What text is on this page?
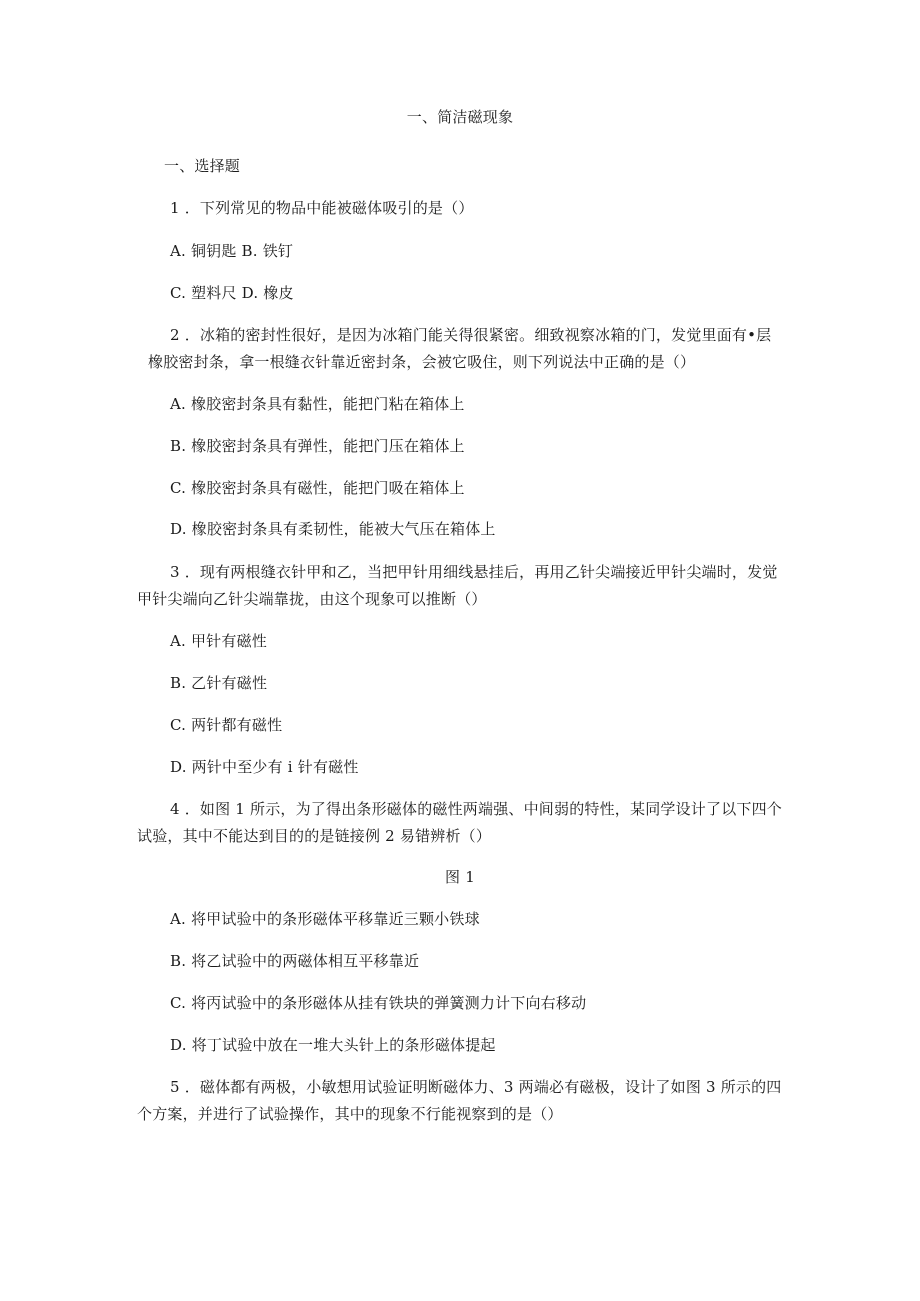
一、简洁磁现象
一、选择题
1 ．下列常见的物品中能被磁体吸引的是（）
A. 铜钥匙 B. 铁钉
C. 塑料尺 D. 橡皮
2 ．冰箱的密封性很好，是因为冰箱门能关得很紧密。细致视察冰箱的门，发觉里面有•层
橡胶密封条，拿一根缝衣针靠近密封条，会被它吸住，则下列说法中正确的是（）
A. 橡胶密封条具有黏性，能把门粘在箱体上
B. 橡胶密封条具有弹性，能把门压在箱体上
C. 橡胶密封条具有磁性，能把门吸在箱体上
D. 橡胶密封条具有柔韧性，能被大气压在箱体上
3 ．现有两根缝衣针甲和乙，当把甲针用细线悬挂后，再用乙针尖端接近甲针尖端时，发觉
甲针尖端向乙针尖端靠拢，由这个现象可以推断（）
A. 甲针有磁性
B. 乙针有磁性
C. 两针都有磁性
D. 两针中至少有 i 针有磁性
4 ．如图 1 所示，为了得出条形磁体的磁性两端强、中间弱的特性，某同学设计了以下四个
试验，其中不能达到目的的是链接例 2 易错辨析（）
图 1
A. 将甲试验中的条形磁体平移靠近三颗小铁球
B. 将乙试验中的两磁体相互平移靠近
C. 将丙试验中的条形磁体从挂有铁块的弹簧测力计下向右移动
D. 将丁试验中放在一堆大头针上的条形磁体提起
5 ．磁体都有两极，小敏想用试验证明断磁体力、3 两端必有磁极，设计了如图 3 所示的四
个方案，并进行了试验操作，其中的现象不行能视察到的是（）
